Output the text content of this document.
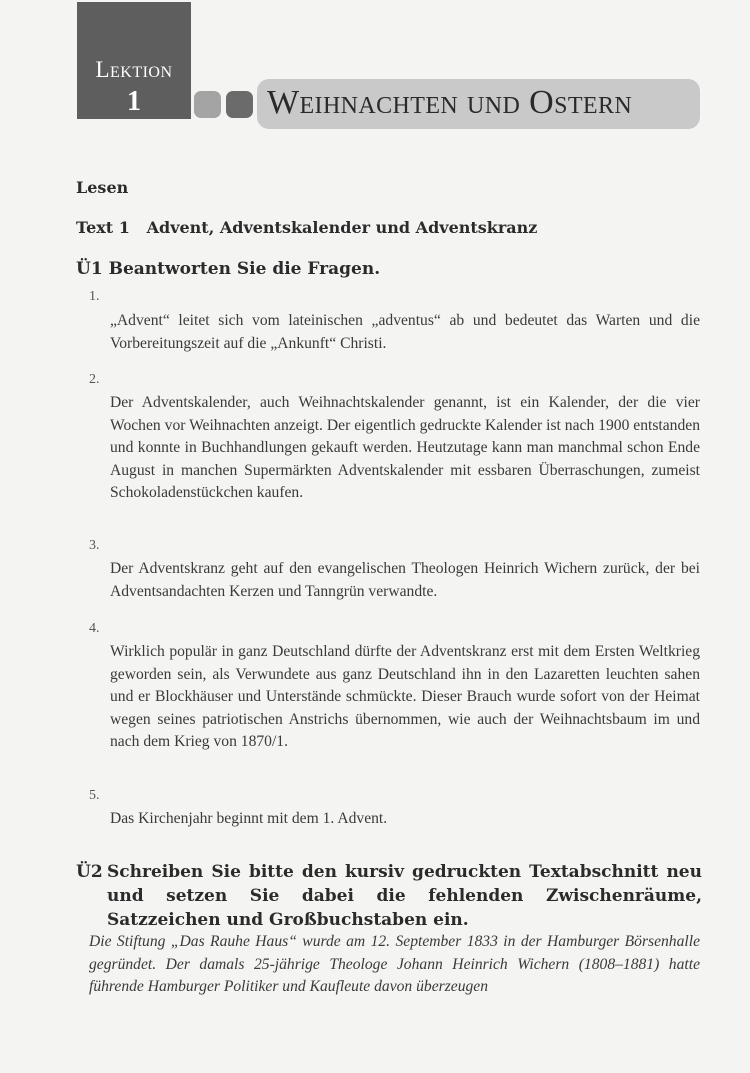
Lektion
1	Weihnachten und Ostern
Lesen
Text 1   Advent, Adventskalender und Adventskranz
Ü1 Beantworten Sie die Fragen.
1.
„Advent“ leitet sich vom lateinischen „adventus“ ab und bedeutet das Warten und die Vorbereitungszeit auf die „Ankunft“ Christi.
2.
Der Adventskalender, auch Weihnachtskalender genannt, ist ein Kalender, der die vier Wochen vor Weihnachten anzeigt. Der eigentlich gedruckte Kalender ist nach 1900 entstanden und konnte in Buchhandlungen gekauft werden. Heutzutage kann man manchmal schon Ende August in manchen Supermärkten Adventskalender mit essbaren Überraschungen, zumeist Schokoladenstückchen kaufen.
3.
Der Adventskranz geht auf den evangelischen Theologen Heinrich Wichern zurück, der bei Adventsandachten Kerzen und Tanngrün verwandte.
4.
Wirklich populär in ganz Deutschland dürfte der Adventskranz erst mit dem Ersten Weltkrieg geworden sein, als Verwundete aus ganz Deutschland ihn in den Lazaretten leuchten sahen und er Blockhäuser und Unterstände schmückte. Dieser Brauch wurde sofort von der Heimat wegen seines patriotischen Anstrichs übernommen, wie auch der Weihnachtsbaum im und nach dem Krieg von 1870/1.
5.
Das Kirchenjahr beginnt mit dem 1. Advent.
Ü2 Schreiben Sie bitte den kursiv gedruckten Textabschnitt neu und setzen Sie dabei die fehlenden Zwischenräume, Satzzeichen und Großbuchstaben ein.
Die Stiftung „Das Rauhe Haus“ wurde am 12. September 1833 in der Hamburger Börsenhalle gegründet. Der damals 25-jährige Theologe Johann Heinrich Wichern (1808–1881) hatte führende Hamburger Politiker und Kaufleute davon überzeugen
